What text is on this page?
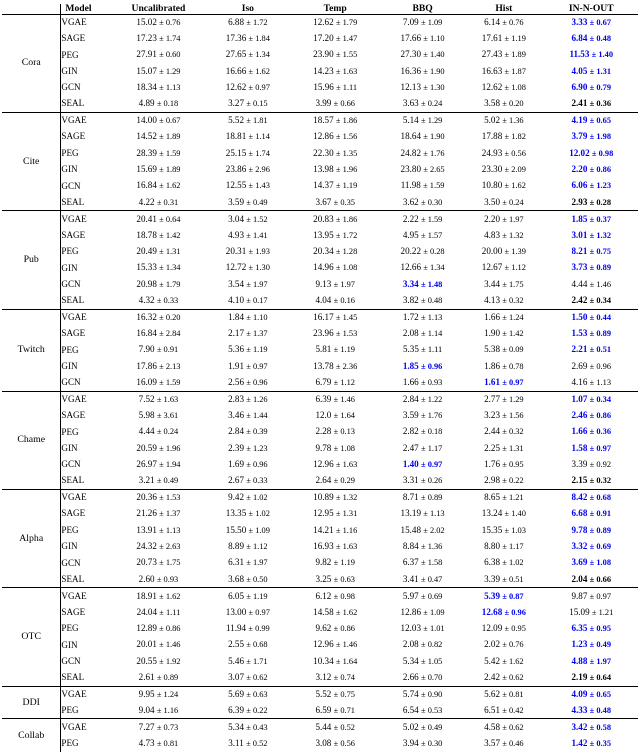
	Model	Uncalibrated	Iso	Temp	BBQ	Hist	IN-N-OUT
Cora	VGAE	15.02 ± 0.76	6.88 ± 1.72	12.62 ± 1.79	7.09 ± 1.09	6.14 ± 0.76	3.33 ± 0.67
	SAGE	17.23 ± 1.74	17.36 ± 1.84	17.20 ± 1.47	17.66 ± 1.10	17.61 ± 1.19	6.84 ± 0.48
	PEG	27.91 ± 0.60	27.65 ± 1.34	23.90 ± 1.55	27.30 ± 1.40	27.43 ± 1.89	11.53 ± 1.40
	GIN	15.07 ± 1.29	16.66 ± 1.62	14.23 ± 1.63	16.36 ± 1.90	16.63 ± 1.87	4.05 ± 1.31
	GCN	18.34 ± 1.13	12.62 ± 0.97	15.96 ± 1.11	12.13 ± 1.30	12.62 ± 1.08	6.90 ± 0.79
	SEAL	4.89 ± 0.18	3.27 ± 0.15	3.99 ± 0.66	3.63 ± 0.24	3.58 ± 0.20	2.41 ± 0.36
Cite	VGAE	14.00 ± 0.67	5.52 ± 1.81	18.57 ± 1.86	5.14 ± 1.29	5.02 ± 1.36	4.19 ± 0.65
	SAGE	14.52 ± 1.89	18.81 ± 1.14	12.86 ± 1.56	18.64 ± 1.90	17.88 ± 1.82	3.79 ± 1.98
	PEG	28.39 ± 1.59	25.15 ± 1.74	22.30 ± 1.35	24.82 ± 1.76	24.93 ± 0.56	12.02 ± 0.98
	GIN	15.69 ± 1.89	23.86 ± 2.96	13.98 ± 1.96	23.80 ± 2.65	23.30 ± 2.09	2.20 ± 0.86
	GCN	16.84 ± 1.62	12.55 ± 1.43	14.37 ± 1.19	11.98 ± 1.59	10.80 ± 1.62	6.06 ± 1.23
	SEAL	4.22 ± 0.31	3.59 ± 0.49	3.67 ± 0.35	3.62 ± 0.30	3.50 ± 0.24	2.93 ± 0.28
Pub	VGAE	20.41 ± 0.64	3.04 ± 1.52	20.83 ± 1.86	2.22 ± 1.59	2.20 ± 1.97	1.85 ± 0.37
	SAGE	18.78 ± 1.42	4.93 ± 1.41	13.95 ± 1.72	4.95 ± 1.57	4.83 ± 1.32	3.01 ± 1.32
	PEG	20.49 ± 1.31	20.31 ± 1.93	20.34 ± 1.28	20.22 ± 0.28	20.00 ± 1.39	8.21 ± 0.75
	GIN	15.33 ± 1.34	12.72 ± 1.30	14.96 ± 1.08	12.66 ± 1.34	12.67 ± 1.12	3.73 ± 0.89
	GCN	20.98 ± 1.79	3.54 ± 1.97	9.13 ± 1.97	3.34 ± 1.48	3.44 ± 1.75	4.44 ± 1.46
	SEAL	4.32 ± 0.33	4.10 ± 0.17	4.04 ± 0.16	3.82 ± 0.48	4.13 ± 0.32	2.42 ± 0.34
Twitch	VGAE	16.32 ± 0.20	1.84 ± 1.10	16.17 ± 1.45	1.72 ± 1.13	1.66 ± 1.24	1.50 ± 0.44
	SAGE	16.84 ± 2.84	2.17 ± 1.37	23.96 ± 1.53	2.08 ± 1.14	1.90 ± 1.42	1.53 ± 0.89
	PEG	7.90 ± 0.91	5.36 ± 1.19	5.81 ± 1.19	5.35 ± 1.11	5.38 ± 0.09	2.21 ± 0.51
	GIN	17.86 ± 2.13	1.91 ± 0.97	13.78 ± 2.36	1.85 ± 0.96	1.86 ± 0.78	2.69 ± 0.96
	GCN	16.09 ± 1.59	2.56 ± 0.96	6.79 ± 1.12	1.66 ± 0.93	1.61 ± 0.97	4.16 ± 1.13
Chame	VGAE	7.52 ± 1.63	2.83 ± 1.26	6.39 ± 1.46	2.84 ± 1.22	2.77 ± 1.29	1.07 ± 0.34
	SAGE	5.98 ± 3.61	3.46 ± 1.44	12.0 ± 1.64	3.59 ± 1.76	3.23 ± 1.56	2.46 ± 0.86
	PEG	4.44 ± 0.24	2.84 ± 0.39	2.28 ± 0.13	2.82 ± 0.18	2.44 ± 0.32	1.66 ± 0.36
	GIN	20.59 ± 1.96	2.39 ± 1.23	9.78 ± 1.08	2.47 ± 1.17	2.25 ± 1.31	1.58 ± 0.97
	GCN	26.97 ± 1.94	1.69 ± 0.96	12.96 ± 1.63	1.40 ± 0.97	1.76 ± 0.95	3.39 ± 0.92
	SEAL	3.21 ± 0.49	2.67 ± 0.33	2.64 ± 0.29	3.31 ± 0.26	2.98 ± 0.22	2.15 ± 0.32
Alpha	VGAE	20.36 ± 1.53	9.42 ± 1.02	10.89 ± 1.32	8.71 ± 0.89	8.65 ± 1.21	8.42 ± 0.68
	SAGE	21.26 ± 1.37	13.35 ± 1.02	12.95 ± 1.31	13.19 ± 1.13	13.24 ± 1.40	6.68 ± 0.91
	PEG	13.91 ± 1.13	15.50 ± 1.09	14.21 ± 1.16	15.48 ± 2.02	15.35 ± 1.03	9.78 ± 0.89
	GIN	24.32 ± 2.63	8.89 ± 1.12	16.93 ± 1.63	8.84 ± 1.36	8.80 ± 1.17	3.32 ± 0.69
	GCN	20.73 ± 1.75	6.31 ± 1.97	9.82 ± 1.19	6.37 ± 1.58	6.38 ± 1.02	3.69 ± 1.08
	SEAL	2.60 ± 0.93	3.68 ± 0.50	3.25 ± 0.63	3.41 ± 0.47	3.39 ± 0.51	2.04 ± 0.66
OTC	VGAE	18.91 ± 1.62	6.05 ± 1.19	6.12 ± 0.98	5.97 ± 0.69	5.39 ± 0.87	9.87 ± 0.97
	SAGE	24.04 ± 1.11	13.00 ± 0.97	14.58 ± 1.62	12.86 ± 1.09	12.68 ± 0.96	15.09 ± 1.21
	PEG	12.89 ± 0.86	11.94 ± 0.99	9.62 ± 0.86	12.03 ± 1.01	12.09 ± 0.95	6.35 ± 0.95
	GIN	20.01 ± 1.46	2.55 ± 0.68	12.96 ± 1.46	2.08 ± 0.82	2.02 ± 0.76	1.23 ± 0.49
	GCN	20.55 ± 1.92	5.46 ± 1.71	10.34 ± 1.64	5.34 ± 1.05	5.42 ± 1.62	4.88 ± 1.97
	SEAL	2.61 ± 0.89	3.07 ± 0.62	3.12 ± 0.74	2.66 ± 0.70	2.42 ± 0.62	2.19 ± 0.64
DDI	VGAE	9.95 ± 1.24	5.69 ± 0.63	5.52 ± 0.75	5.74 ± 0.90	5.62 ± 0.81	4.09 ± 0.65
	PEG	9.04 ± 1.16	6.39 ± 0.22	6.59 ± 0.71	6.54 ± 0.53	6.51 ± 0.42	4.33 ± 0.48
Collab	VGAE	7.27 ± 0.73	5.34 ± 0.43	5.44 ± 0.52	5.02 ± 0.49	4.58 ± 0.62	3.42 ± 0.58
	PEG	4.73 ± 0.81	3.11 ± 0.52	3.08 ± 0.56	3.94 ± 0.30	3.57 ± 0.46	1.42 ± 0.35
